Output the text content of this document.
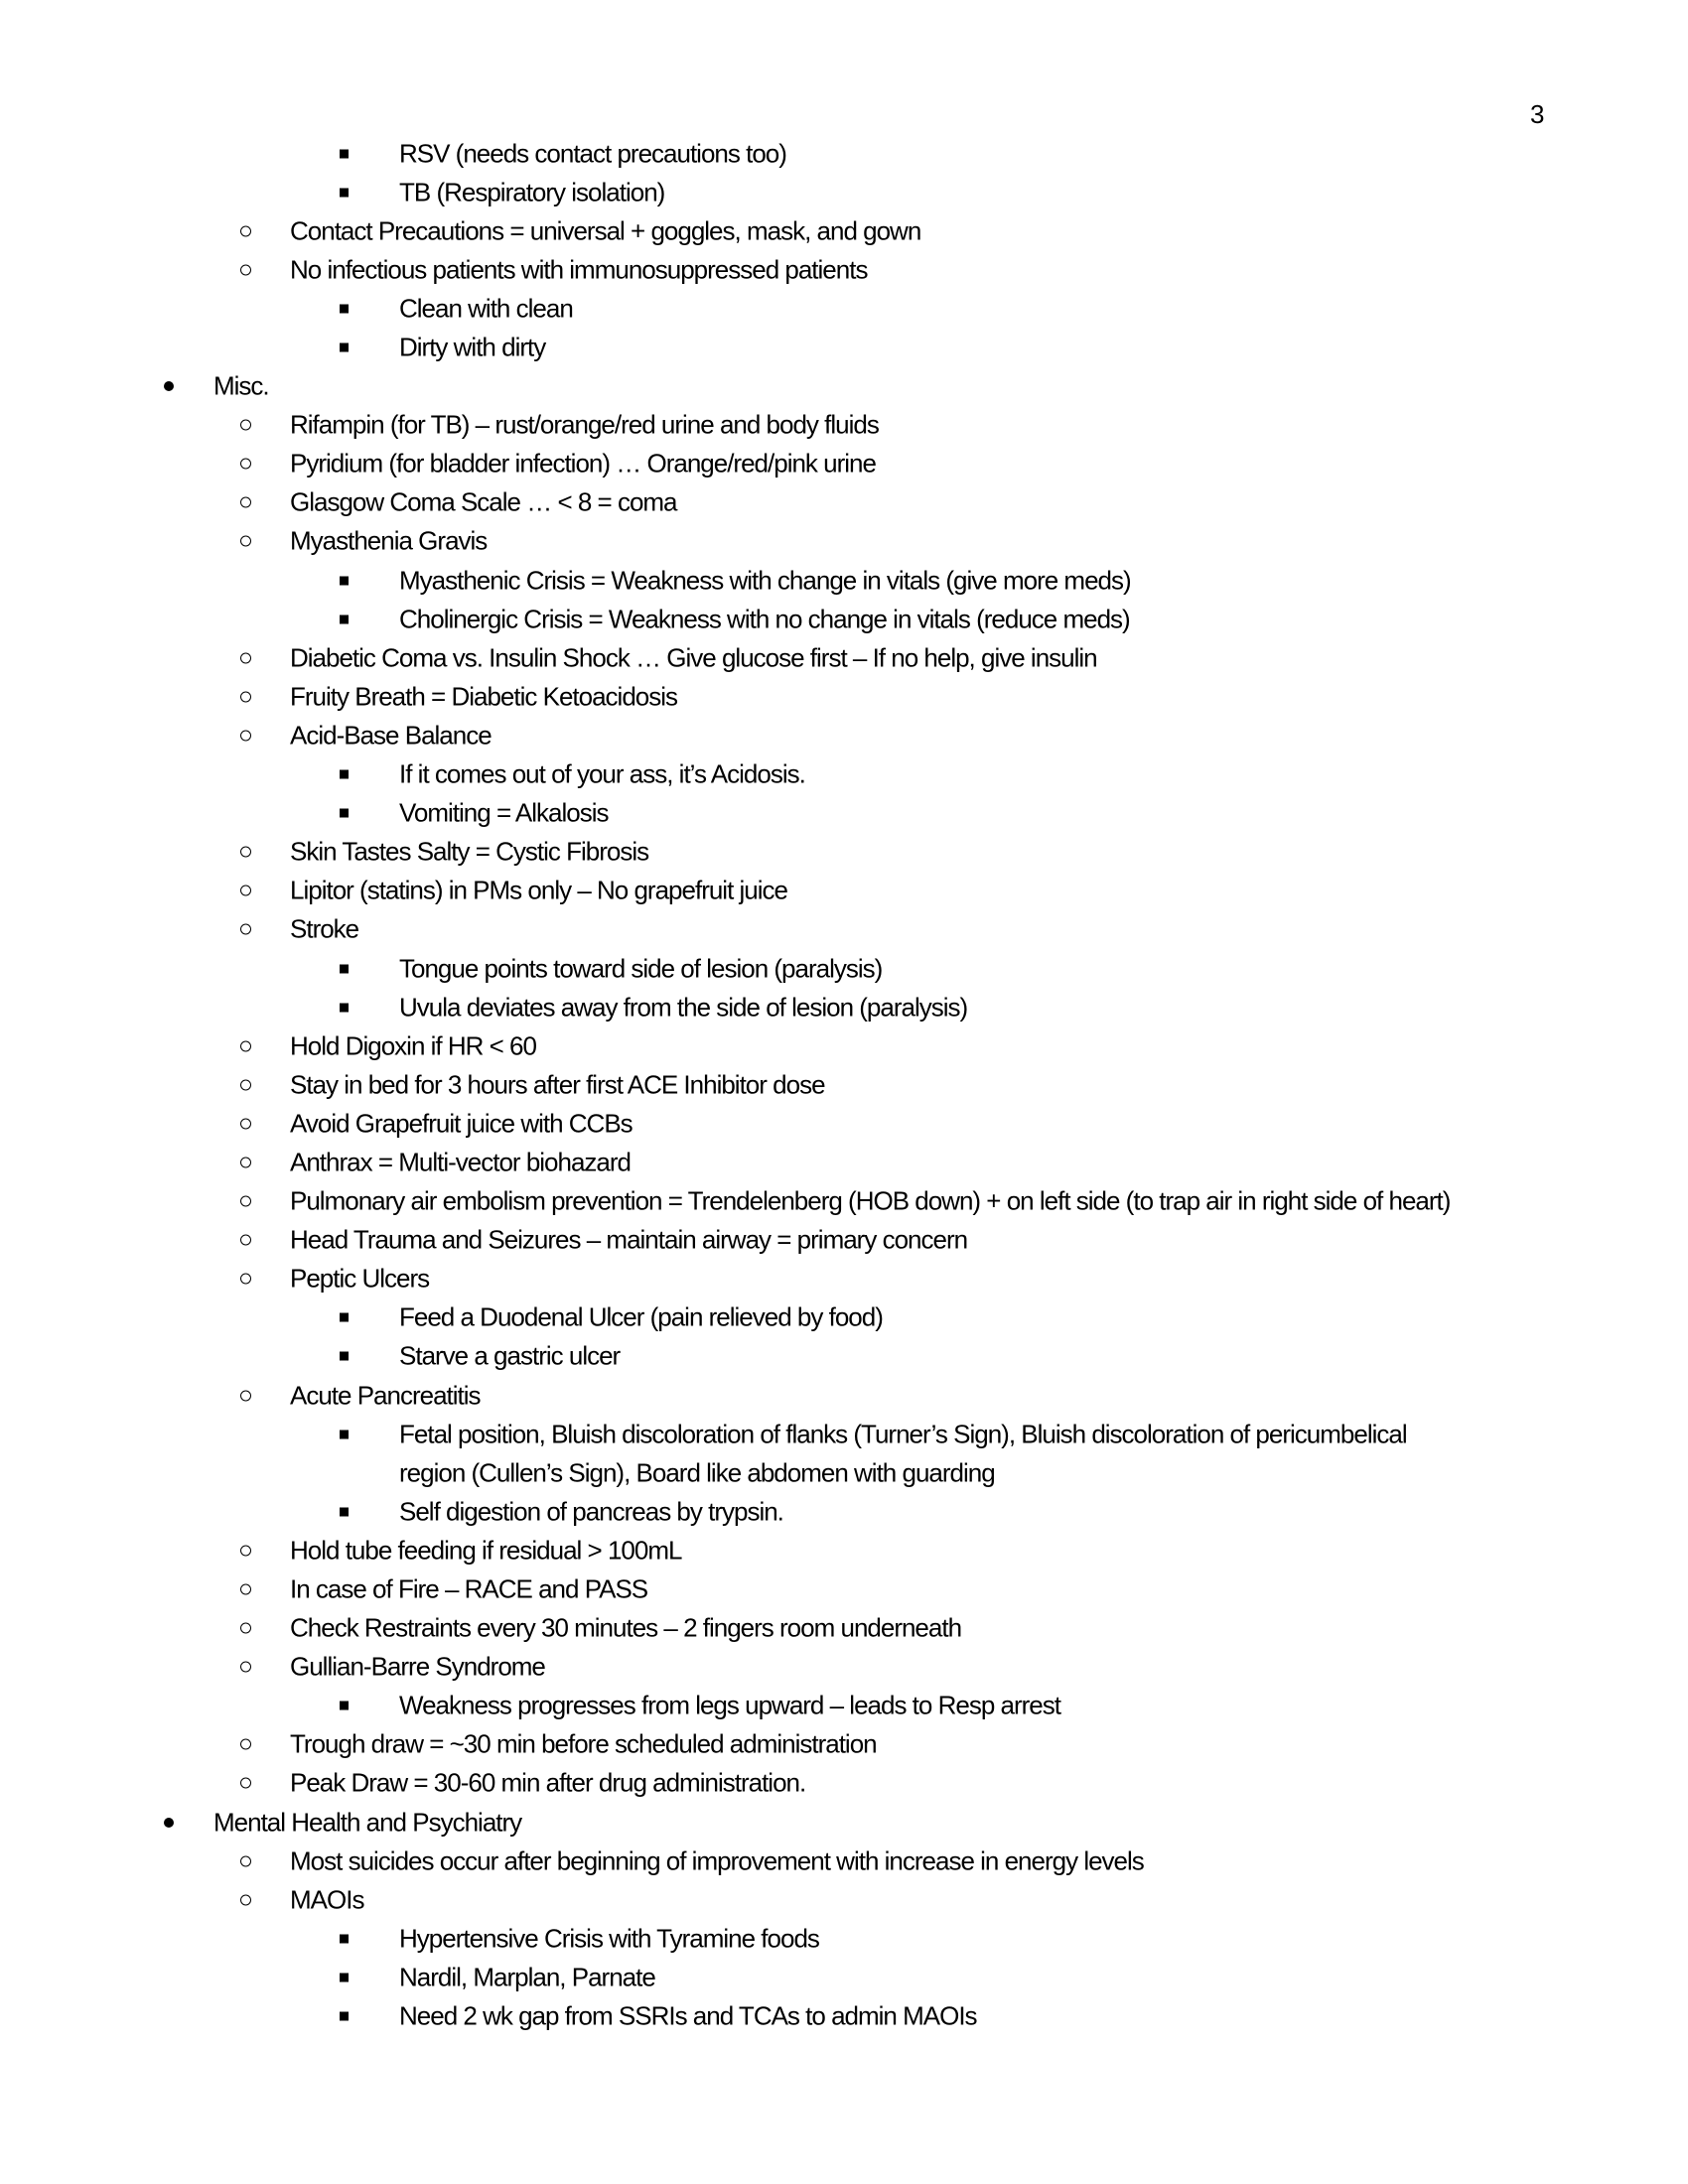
3
RSV (needs contact precautions too)
TB (Respiratory isolation)
Contact Precautions = universal + goggles, mask, and gown
No infectious patients with immunosuppressed patients
Clean with clean
Dirty with dirty
Misc.
Rifampin (for TB) – rust/orange/red urine and body fluids
Pyridium (for bladder infection) … Orange/red/pink urine
Glasgow Coma Scale … < 8 = coma
Myasthenia Gravis
Myasthenic Crisis = Weakness with change in vitals (give more meds)
Cholinergic Crisis = Weakness with no change in vitals (reduce meds)
Diabetic Coma vs. Insulin Shock … Give glucose first – If no help, give insulin
Fruity Breath = Diabetic Ketoacidosis
Acid-Base Balance
If it comes out of your ass, it’s Acidosis.
Vomiting = Alkalosis
Skin Tastes Salty = Cystic Fibrosis
Lipitor (statins) in PMs only – No grapefruit juice
Stroke
Tongue points toward side of lesion (paralysis)
Uvula deviates away from the side of lesion (paralysis)
Hold Digoxin if HR < 60
Stay in bed for 3 hours after first ACE Inhibitor dose
Avoid Grapefruit juice with CCBs
Anthrax = Multi-vector biohazard
Pulmonary air embolism prevention = Trendelenberg (HOB down) + on left side (to trap air in right side of heart)
Head Trauma and Seizures – maintain airway = primary concern
Peptic Ulcers
Feed a Duodenal Ulcer (pain relieved by food)
Starve a gastric ulcer
Acute Pancreatitis
Fetal position, Bluish discoloration of flanks (Turner’s Sign), Bluish discoloration of pericumbelical
region (Cullen’s Sign), Board like abdomen with guarding
Self digestion of pancreas by trypsin.
Hold tube feeding if residual > 100mL
In case of Fire – RACE and PASS
Check Restraints every 30 minutes – 2 fingers room underneath
Gullian-Barre Syndrome
Weakness progresses from legs upward – leads to Resp arrest
Trough draw = ~30 min before scheduled administration
Peak Draw = 30-60 min after drug administration.
Mental Health and Psychiatry
Most suicides occur after beginning of improvement with increase in energy levels
MAOIs
Hypertensive Crisis with Tyramine foods
Nardil, Marplan, Parnate
Need 2 wk gap from SSRIs and TCAs to admin MAOIs
